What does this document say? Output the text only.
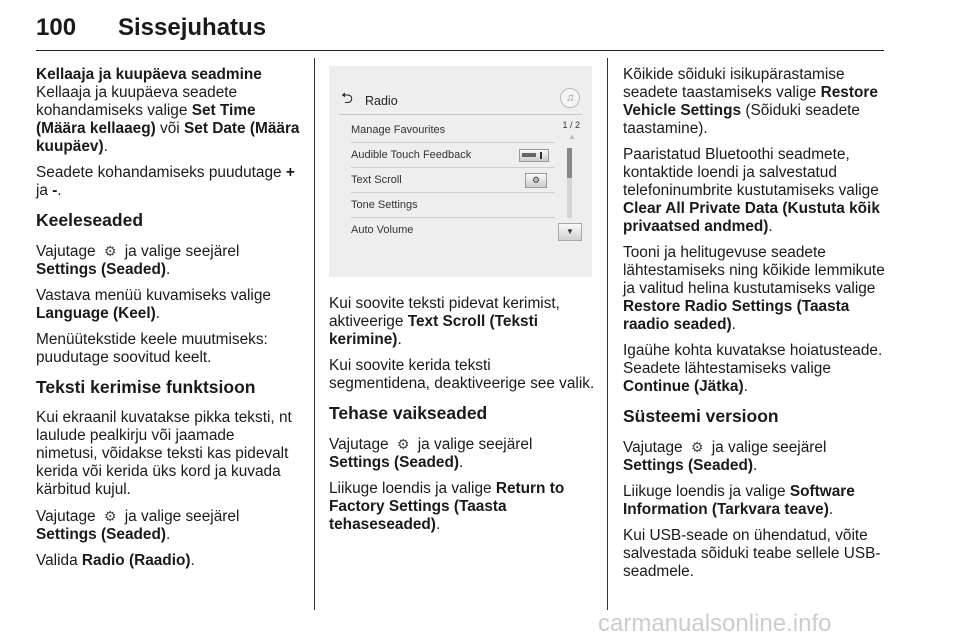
100 Sissejuhatus
Kellaaja ja kuupäeva seadmine

Kellaaja ja kuupäeva seadete kohandamiseks valige Set Time (Määra kellaaeg) või Set Date (Määra kuupäev).

Seadete kohandamiseks puudutage + ja -.

Keeleseaded

Vajutage ⚙ ja valige seejärel Settings (Seaded).

Vastava menüü kuvamiseks valige Language (Keel).

Menüütekstide keele muutmiseks: puudutage soovitud keelt.

Teksti kerimise funktsioon

Kui ekraanil kuvatakse pikka teksti, nt laulude pealkirju või jaamade nimetusi, võidakse teksti kas pidevalt kerida või kerida üks kord ja kuvada kärbitud kujul.

Vajutage ⚙ ja valige seejärel Settings (Seaded).

Valida Radio (Raadio).

⮌ Radio	♫
Manage Favourites
Audible Touch Feedback
Text Scroll	⚙
Tone Settings
Auto Volume
1 / 2
▲
▼

Kui soovite teksti pidevat kerimist, aktiveerige Text Scroll (Teksti kerimine).

Kui soovite kerida teksti segmentidena, deaktiveerige see valik.

Tehase vaikseaded

Vajutage ⚙ ja valige seejärel Settings (Seaded).

Liikuge loendis ja valige Return to Factory Settings (Taasta tehaseseaded).

Kõikide sõiduki isikupärastamise seadete taastamiseks valige Restore Vehicle Settings (Sõiduki seadete taastamine).

Paaristatud Bluetoothi seadmete, kontaktide loendi ja salvestatud telefoninumbrite kustutamiseks valige Clear All Private Data (Kustuta kõik privaatsed andmed).

Tooni ja helitugevuse seadete lähtestamiseks ning kõikide lemmikute ja valitud helina kustutamiseks valige Restore Radio Settings (Taasta raadio seaded).

Igaühe kohta kuvatakse hoiatusteade. Seadete lähtestamiseks valige Continue (Jätka).

Süsteemi versioon

Vajutage ⚙ ja valige seejärel Settings (Seaded).

Liikuge loendis ja valige Software Information (Tarkvara teave).

Kui USB-seade on ühendatud, võite salvestada sõiduki teabe sellele USB-seadmele.

carmanualsonline.info
